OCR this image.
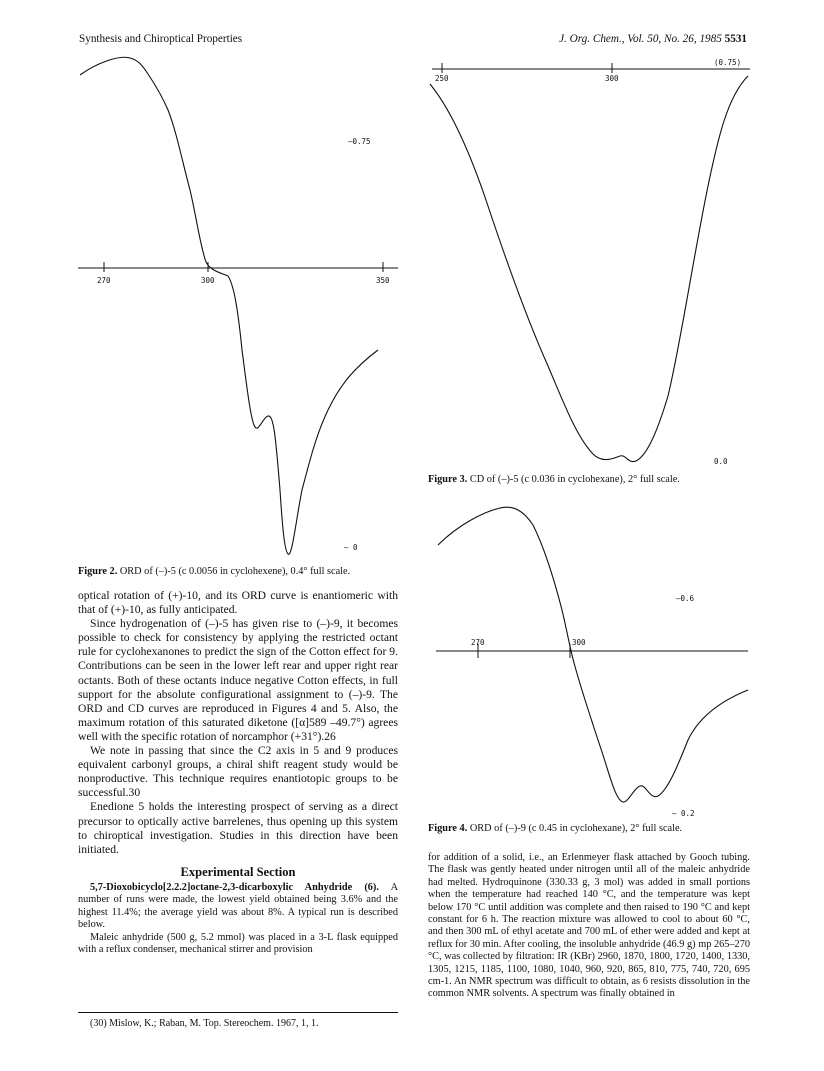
Synthesis and Chiroptical Properties	J. Org. Chem., Vol. 50, No. 26, 1985 5531
270	300	350
—0.75
— 0
Figure 2. ORD of (–)-5 (c 0.0056 in cyclohexene), 0.4° full scale.
250	300
(0.75)
0.0
Figure 3. CD of (–)-5 (c 0.036 in cyclohexane), 2° full scale.
270	300
—0.6
— 0.2
Figure 4. ORD of (–)-9 (c 0.45 in cyclohexane), 2° full scale.

optical rotation of (+)-10, and its ORD curve is enantiomeric with that of (+)-10, as fully anticipated.

Since hydrogenation of (–)-5 has given rise to (–)-9, it becomes possible to check for consistency by applying the restricted octant rule for cyclohexanones to predict the sign of the Cotton effect for 9. Contributions can be seen in the lower left rear and upper right rear octants. Both of these octants induce negative Cotton effects, in full support for the absolute configurational assignment to (–)-9. The ORD and CD curves are reproduced in Figures 4 and 5. Also, the maximum rotation of this saturated diketone ([α]589 –49.7°) agrees well with the specific rotation of norcamphor (+31°).26

We note in passing that since the C2 axis in 5 and 9 produces equivalent carbonyl groups, a chiral shift reagent study would be nonproductive. This technique requires enantiotopic groups to be successful.30

Enedione 5 holds the interesting prospect of serving as a direct precursor to optically active barrelenes, thus opening up this system to chiroptical investigation. Studies in this direction have been initiated.

Experimental Section

5,7-Dioxobicyclo[2.2.2]octane-2,3-dicarboxylic Anhydride (6). A number of runs were made, the lowest yield obtained being 3.6% and the highest 11.4%; the average yield was about 8%. A typical run is described below.

Maleic anhydride (500 g, 5.2 mmol) was placed in a 3-L flask equipped with a reflux condenser, mechanical stirrer and provision

(30) Mislow, K.; Raban, M. Top. Stereochem. 1967, 1, 1.

for addition of a solid, i.e., an Erlenmeyer flask attached by Gooch tubing. The flask was gently heated under nitrogen until all of the maleic anhydride had melted. Hydroquinone (330.33 g, 3 mol) was added in small portions when the temperature had reached 140 °C, and the temperature was kept below 170 °C until addition was complete and then raised to 190 °C and kept constant for 6 h. The reaction mixture was allowed to cool to about 60 °C, and then 300 mL of ethyl acetate and 700 mL of ether were added and kept at reflux for 30 min. After cooling, the insoluble anhydride (46.9 g) mp 265–270 °C, was collected by filtration: IR (KBr) 2960, 1870, 1800, 1720, 1400, 1330, 1305, 1215, 1185, 1100, 1080, 1040, 960, 920, 865, 810, 775, 740, 720, 695 cm-1. An NMR spectrum was difficult to obtain, as 6 resists dissolution in the common NMR solvents. A spectrum was finally obtained in
